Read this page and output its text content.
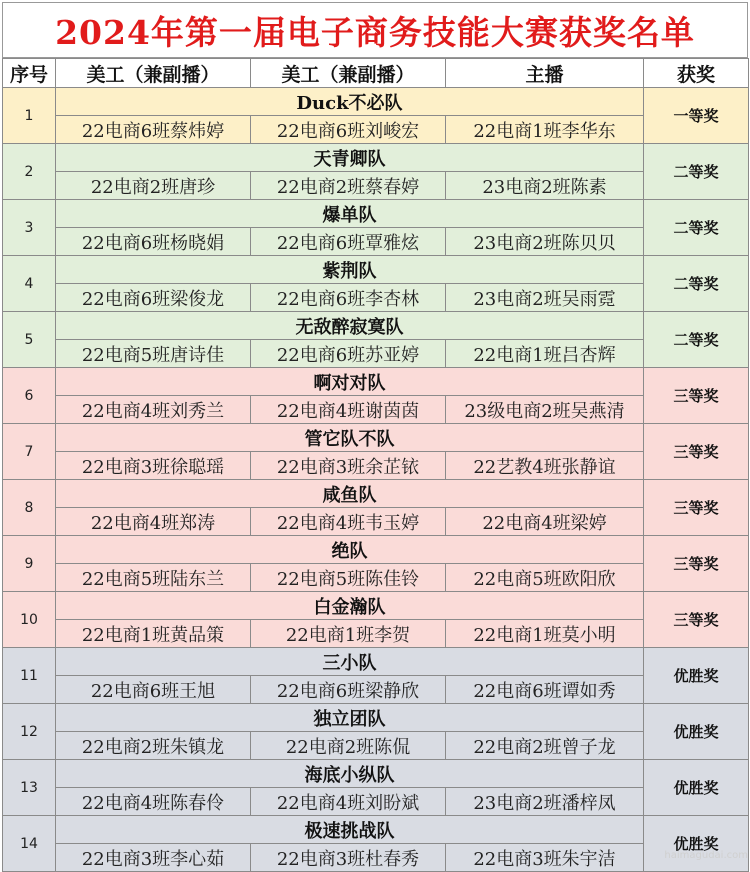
2024年第一届电子商务技能大赛获奖名单
序号	美工（兼副播）	美工（兼副播）	主播	获奖
1	Duck不必队			一等奖
	22电商6班蔡炜婷	22电商6班刘峻宏	22电商1班李华东	
2	天青卿队			二等奖
	22电商2班唐珍	22电商2班蔡春婷	23电商2班陈素	
3	爆单队			二等奖
	22电商6班杨晓娟	22电商6班覃雅炫	23电商2班陈贝贝	
4	紫荆队			二等奖
	22电商6班梁俊龙	22电商6班李杏林	23电商2班吴雨霓	
5	无敌醉寂寞队			二等奖
	22电商5班唐诗佳	22电商6班苏亚婷	22电商1班吕杏辉	
6	啊对对队			三等奖
	22电商4班刘秀兰	22电商4班谢茵茵	23级电商2班吴燕清	
7	管它队不队			三等奖
	22电商3班徐聪瑶	22电商3班余芷铱	22艺教4班张静谊	
8	咸鱼队			三等奖
	22电商4班郑涛	22电商4班韦玉婷	22电商4班梁婷	
9	绝队			三等奖
	22电商5班陆东兰	22电商5班陈佳铃	22电商5班欧阳欣	
10	白金瀚队			三等奖
	22电商1班黄品策	22电商1班李贺	22电商1班莫小明	
11	三小队			优胜奖
	22电商6班王旭	22电商6班梁静欣	22电商6班谭如秀	
12	独立团队			优胜奖
	22电商2班朱镇龙	22电商2班陈侃	22电商2班曾子龙	
13	海底小纵队			优胜奖
	22电商4班陈春伶	22电商4班刘盼斌	23电商2班潘梓凤	
14	极速挑战队			优胜奖
	22电商3班李心茹	22电商3班杜春秀	22电商3班朱宇洁		haimagudai.com
